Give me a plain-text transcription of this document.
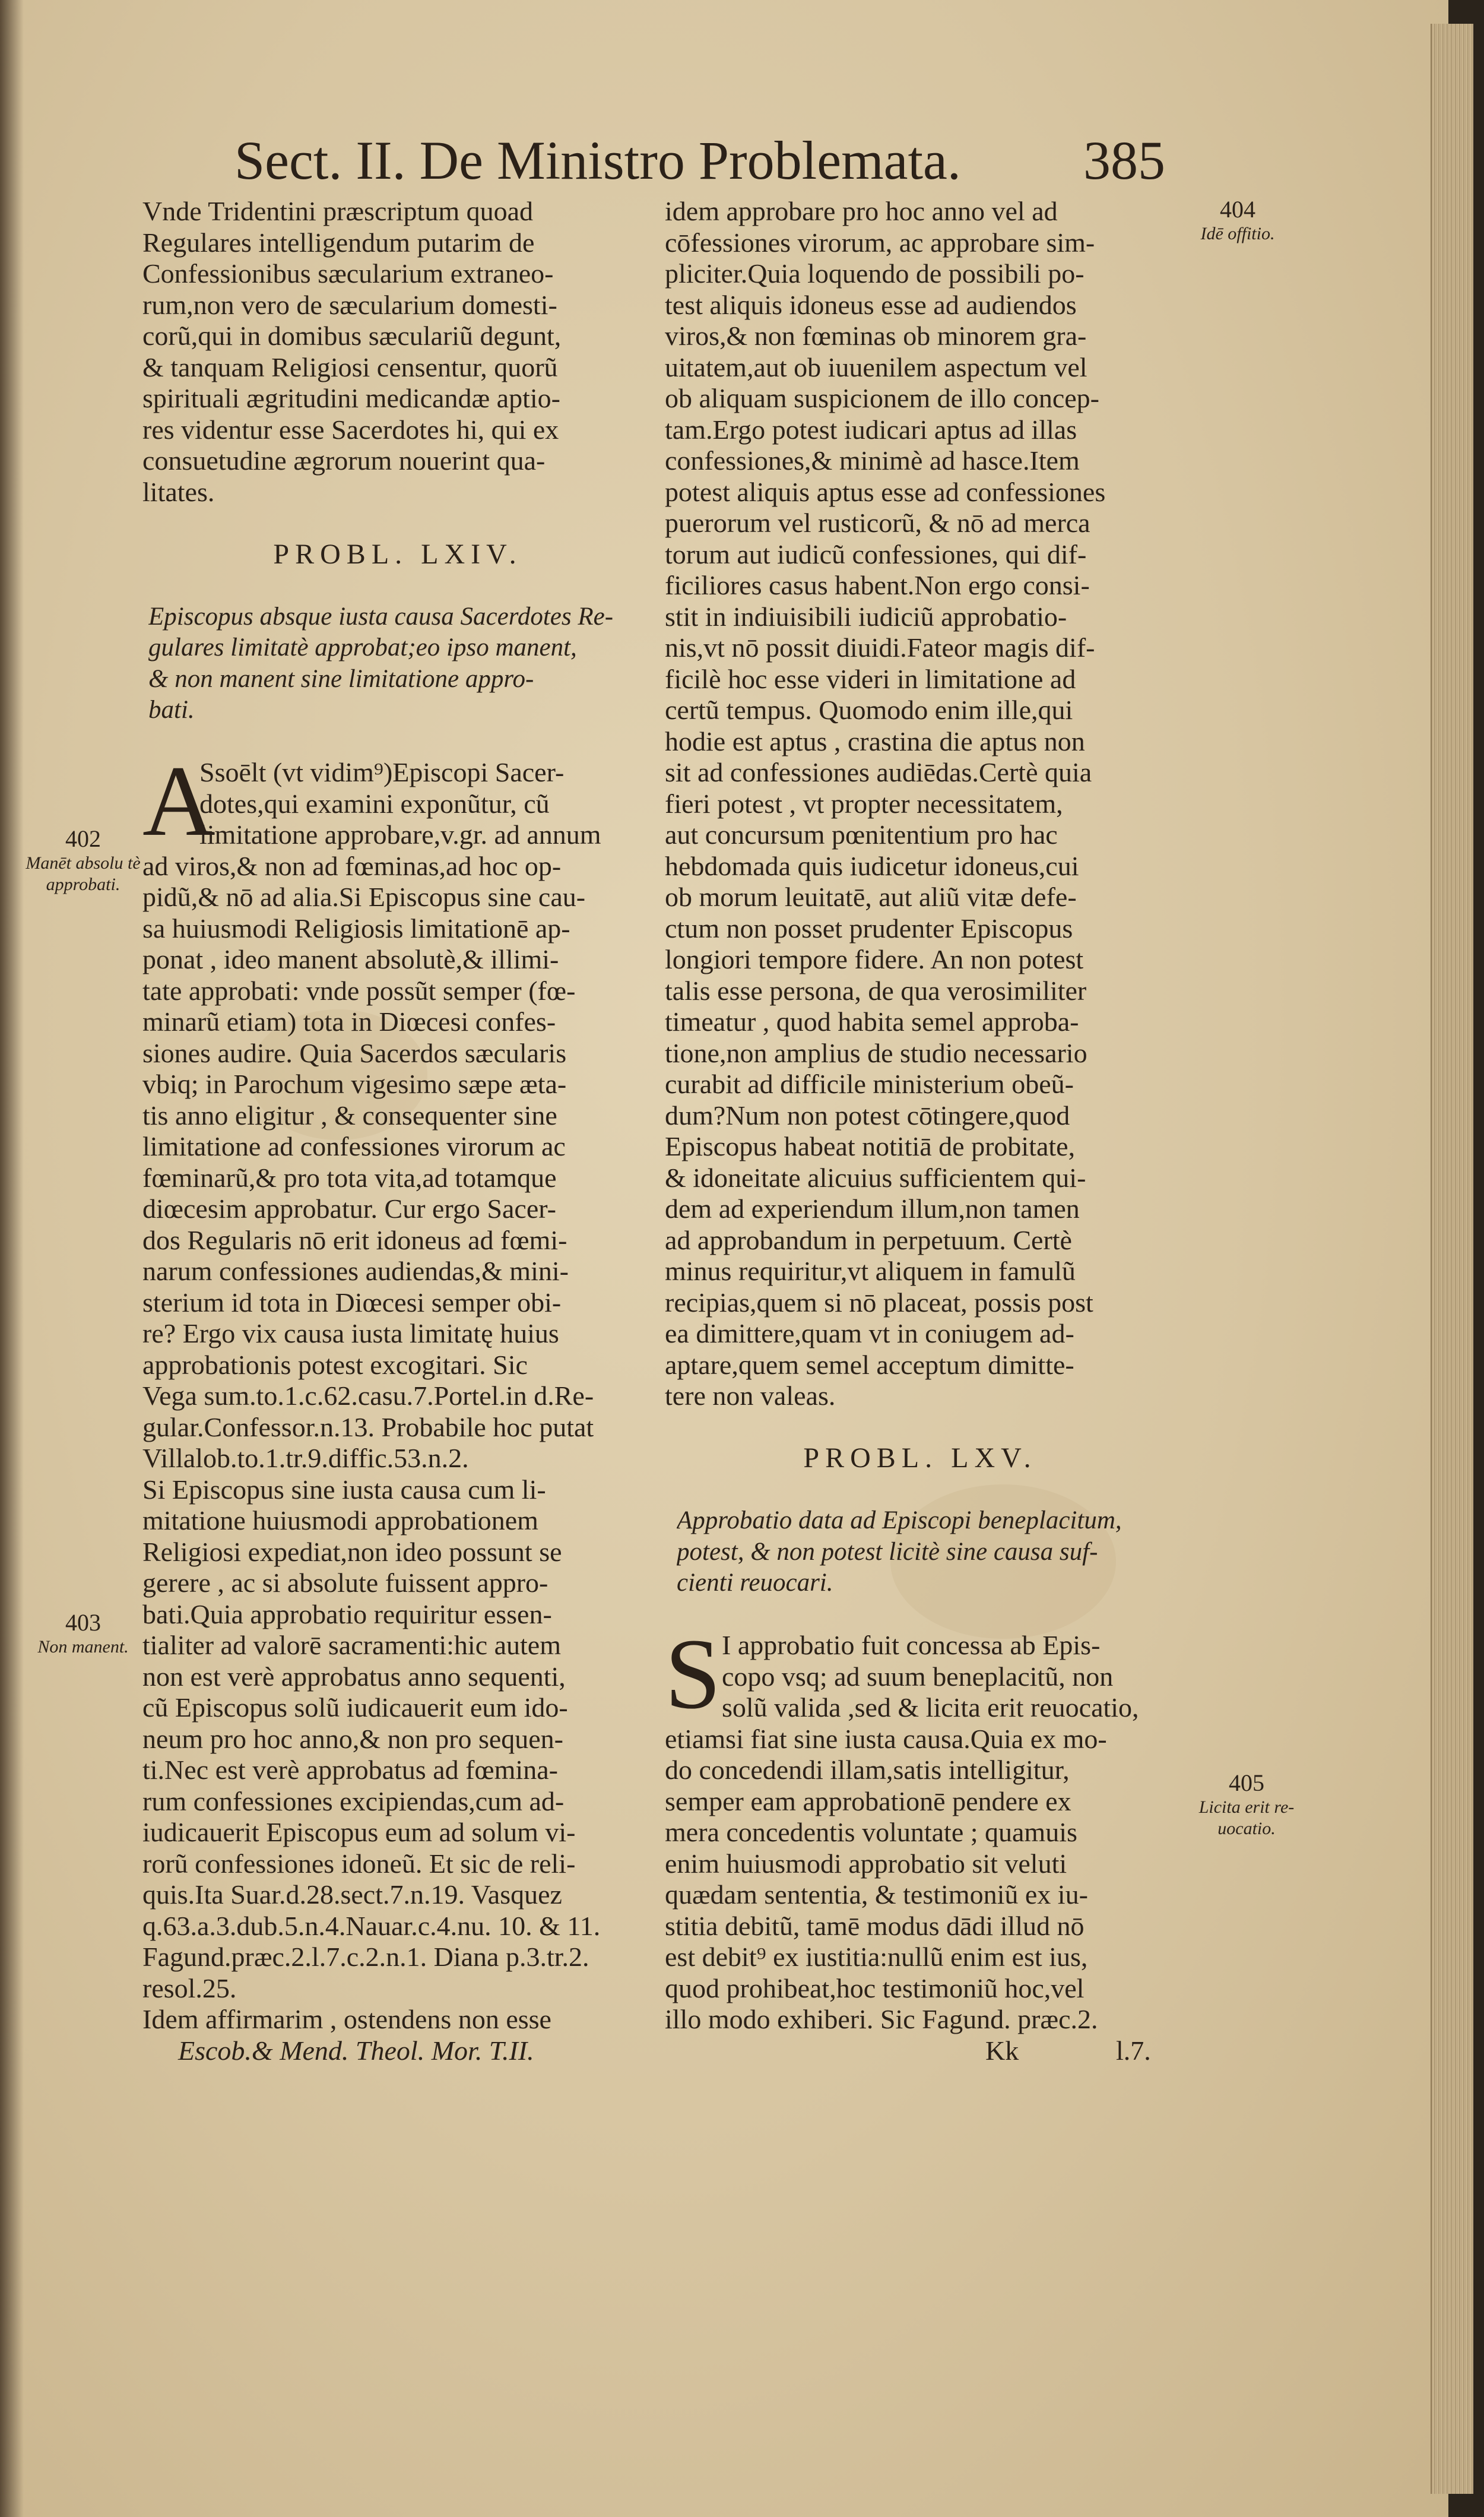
Sect. II. De Ministro Problemata. 385
Vnde Tridentini præscriptum quoad
Regulares intelligendum putarim de
Confessionibus sæcularium extraneo-
rum,non vero de sæcularium domesti-
corũ,qui in domibus sæculariũ degunt,
& tanquam Religiosi censentur, quorũ
spirituali ægritudini medicandæ aptio-
res videntur esse Sacerdotes hi, qui ex
consuetudine ægrorum nouerint qua-
litates.
PROBL. LXIV.
Episcopus absque iusta causa Sacerdotes Re-
gulares limitatè approbat;eo ipso manent,
& non manent sine limitatione appro-
bati.
A
Ssoēlt (vt vidim⁹)Episcopi Sacer-
dotes,qui examini exponũtur, cũ
limitatione approbare,v.gr. ad annum
ad viros,& non ad fœminas,ad hoc op-
pidũ,& nō ad alia.Si Episcopus sine cau-
sa huiusmodi Religiosis limitationē ap-
ponat , ideo manent absolutè,& illimi-
tate approbati: vnde possũt semper (fœ-
minarũ etiam) tota in Diœcesi confes-
siones audire. Quia Sacerdos sæcularis
vbiq; in Parochum vigesimo sæpe æta-
tis anno eligitur , & consequenter sine
limitatione ad confessiones virorum ac
fœminarũ,& pro tota vita,ad totamque
diœcesim approbatur. Cur ergo Sacer-
dos Regularis nō erit idoneus ad fœmi-
narum confessiones audiendas,& mini-
sterium id tota in Diœcesi semper obi-
re? Ergo vix causa iusta limitatę huius
approbationis potest excogitari. Sic
Vega sum.to.1.c.62.casu.7.Portel.in d.Re-
gular.Confessor.n.13. Probabile hoc putat
Villalob.to.1.tr.9.diffic.53.n.2.
Si Episcopus sine iusta causa cum li-
mitatione huiusmodi approbationem
Religiosi expediat,non ideo possunt se
gerere , ac si absolute fuissent appro-
bati.Quia approbatio requiritur essen-
tialiter ad valorē sacramenti:hic autem
non est verè approbatus anno sequenti,
cũ Episcopus solũ iudicauerit eum ido-
neum pro hoc anno,& non pro sequen-
ti.Nec est verè approbatus ad fœmina-
rum confessiones excipiendas,cum ad-
iudicauerit Episcopus eum ad solum vi-
rorũ confessiones idoneũ. Et sic de reli-
quis.Ita Suar.d.28.sect.7.n.19. Vasquez
q.63.a.3.dub.5.n.4.Nauar.c.4.nu. 10. & 11.
Fagund.præc.2.l.7.c.2.n.1. Diana p.3.tr.2.
resol.25.
Idem affirmarim , ostendens non esse
Escob.& Mend. Theol. Mor. T.II.
idem approbare pro hoc anno vel ad
cōfessiones virorum, ac approbare sim-
pliciter.Quia loquendo de possibili po-
test aliquis idoneus esse ad audiendos
viros,& non fœminas ob minorem gra-
uitatem,aut ob iuuenilem aspectum vel
ob aliquam suspicionem de illo concep-
tam.Ergo potest iudicari aptus ad illas
confessiones,& minimè ad hasce.Item
potest aliquis aptus esse ad confessiones
puerorum vel rusticorũ, & nō ad merca
torum aut iudicũ confessiones, qui dif-
ficiliores casus habent.Non ergo consi-
stit in indiuisibili iudiciũ approbatio-
nis,vt nō possit diuidi.Fateor magis dif-
ficilè hoc esse videri in limitatione ad
certũ tempus. Quomodo enim ille,qui
hodie est aptus , crastina die aptus non
sit ad confessiones audiēdas.Certè quia
fieri potest , vt propter necessitatem,
aut concursum pœnitentium pro hac
hebdomada quis iudicetur idoneus,cui
ob morum leuitatē, aut aliũ vitæ defe-
ctum non posset prudenter Episcopus
longiori tempore fidere. An non potest
talis esse persona, de qua verosimiliter
timeatur , quod habita semel approba-
tione,non amplius de studio necessario
curabit ad difficile ministerium obeũ-
dum?Num non potest cōtingere,quod
Episcopus habeat notitiā de probitate,
& idoneitate alicuius sufficientem qui-
dem ad experiendum illum,non tamen
ad approbandum in perpetuum. Certè
minus requiritur,vt aliquem in famulũ
recipias,quem si nō placeat, possis post
ea dimittere,quam vt in coniugem ad-
aptare,quem semel acceptum dimitte-
tere non valeas.
PROBL. LXV.
Approbatio data ad Episcopi beneplacitum,
potest, & non potest licitè sine causa suf-
cienti reuocari.
S I approbatio fuit concessa ab Epis-
copo vsq; ad suum beneplacitũ, non
solũ valida ,sed & licita erit reuocatio,
etiamsi fiat sine iusta causa.Quia ex mo-
do concedendi illam,satis intelligitur,
semper eam approbationē pendere ex
mera concedentis voluntate ; quamuis
enim huiusmodi approbatio sit veluti
quædam sententia, & testimoniũ ex iu-
stitia debitũ, tamē modus dādi illud nō
est debit⁹ ex iustitia:nullũ enim est ius,
quod prohibeat,hoc testimoniũ hoc,vel
illo modo exhiberi. Sic Fagund. præc.2.
Kk	l.7.
404
Idē offitio.
402
Manēt absolu tè approbati.
403
Non manent.
405
Licita erit re- uocatio.
